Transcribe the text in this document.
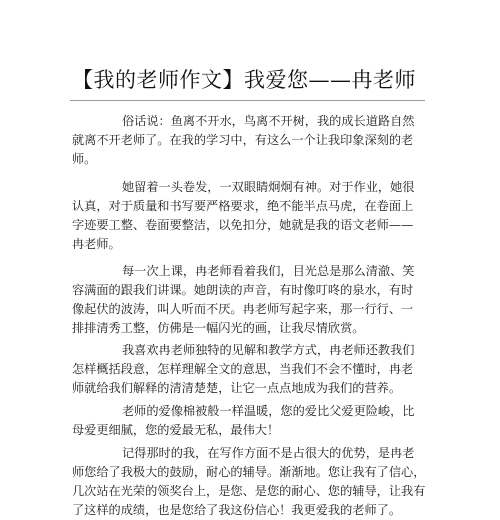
【我的老师作文】我爱您——冉老师

俗话说：鱼离不开水，鸟离不开树，我的成长道路自然
就离不开老师了。在我的学习中，有这么一个让我印象深刻的老
师。

她留着一头卷发，一双眼睛炯炯有神。对于作业，她很
认真，对于质量和书写要严格要求，绝不能半点马虎，在卷面上
字迹要工整、卷面要整洁，以免扣分，她就是我的语文老师——
冉老师。

每一次上课，冉老师看着我们，目光总是那么清澈、笑
容满面的跟我们讲课。她朗读的声音，有时像叮咚的泉水，有时
像起伏的波涛，叫人听而不厌。冉老师写起字来，那一行行、一
排排清秀工整，仿佛是一幅闪光的画，让我尽情欣赏。

我喜欢冉老师独特的见解和教学方式，冉老师还教我们
怎样概括段意，怎样理解全文的意思，当我们不会不懂时，冉老
师就给我们解释的清清楚楚，让它一点点地成为我们的营养。

老师的爱像棉被般一样温暖，您的爱比父爱更险峻，比
母爱更细腻，您的爱最无私，最伟大！

记得那时的我，在写作方面不是占很大的优势，是冉老
师您给了我极大的鼓励，耐心的辅导。渐渐地。您让我有了信心，
几次站在光荣的领奖台上，是您、是您的耐心、您的辅导，让我有
了这样的成绩，也是您给了我这份信心！我更爱我的老师了。
